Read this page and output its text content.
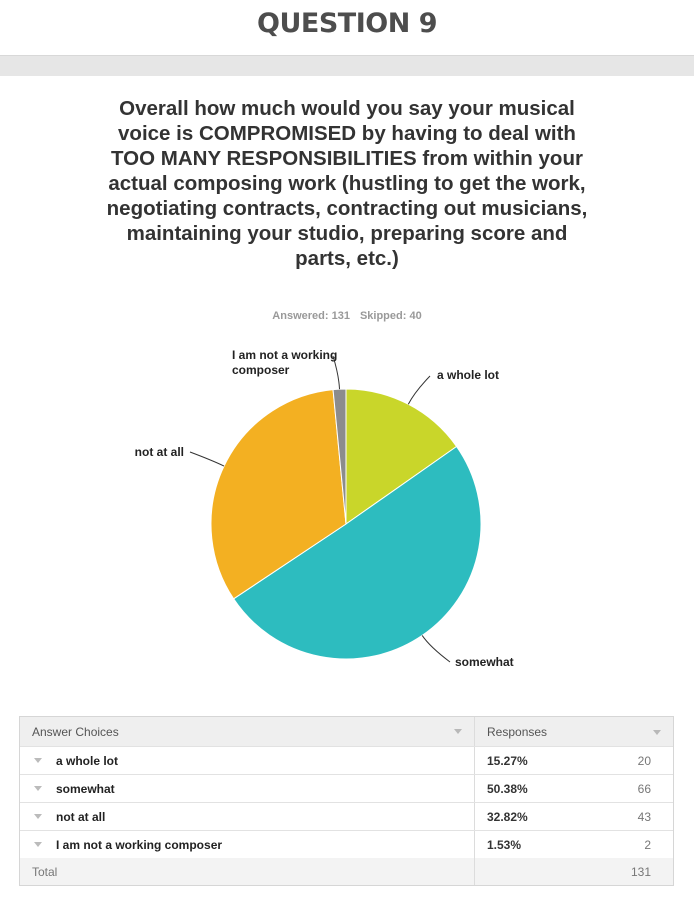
QUESTION 9
Overall how much would you say your musical voice is COMPROMISED by having to deal with TOO MANY RESPONSIBILITIES from within your actual composing work (hustling to get the work, negotiating contracts, contracting out musicians, maintaining your studio, preparing score and parts, etc.)
Answered: 131 Skipped: 40
a whole lot
somewhat
not at all
I am not a working composer
Answer Choices	Responses
a whole lot	15.27%	20
somewhat	50.38%	66
not at all	32.82%	43
I am not a working composer	1.53%	2
Total	131
